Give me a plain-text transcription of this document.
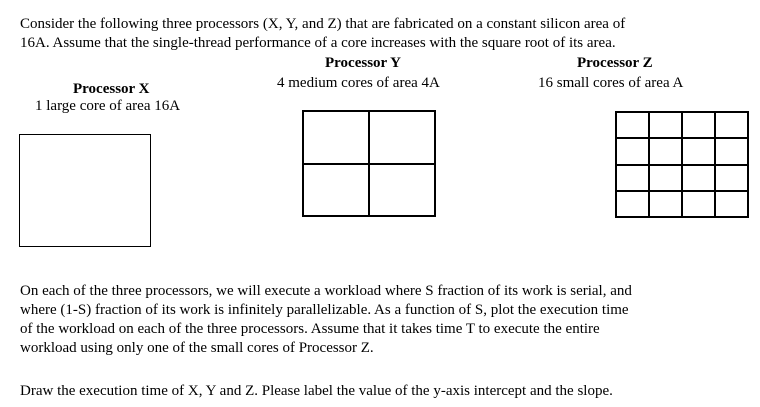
Consider the following three processors (X, Y, and Z) that are fabricated on a constant silicon area of
16A. Assume that the single-thread performance of a core increases with the square root of its area.
Processor Y
4 medium cores of area 4A
Processor Z
16 small cores of area A
Processor X
1 large core of area 16A
On each of the three processors, we will execute a workload where S fraction of its work is serial, and
where (1-S) fraction of its work is infinitely parallelizable. As a function of S, plot the execution time
of the workload on each of the three processors. Assume that it takes time T to execute the entire
workload using only one of the small cores of Processor Z.
Draw the execution time of X, Y and Z. Please label the value of the y-axis intercept and the slope.
